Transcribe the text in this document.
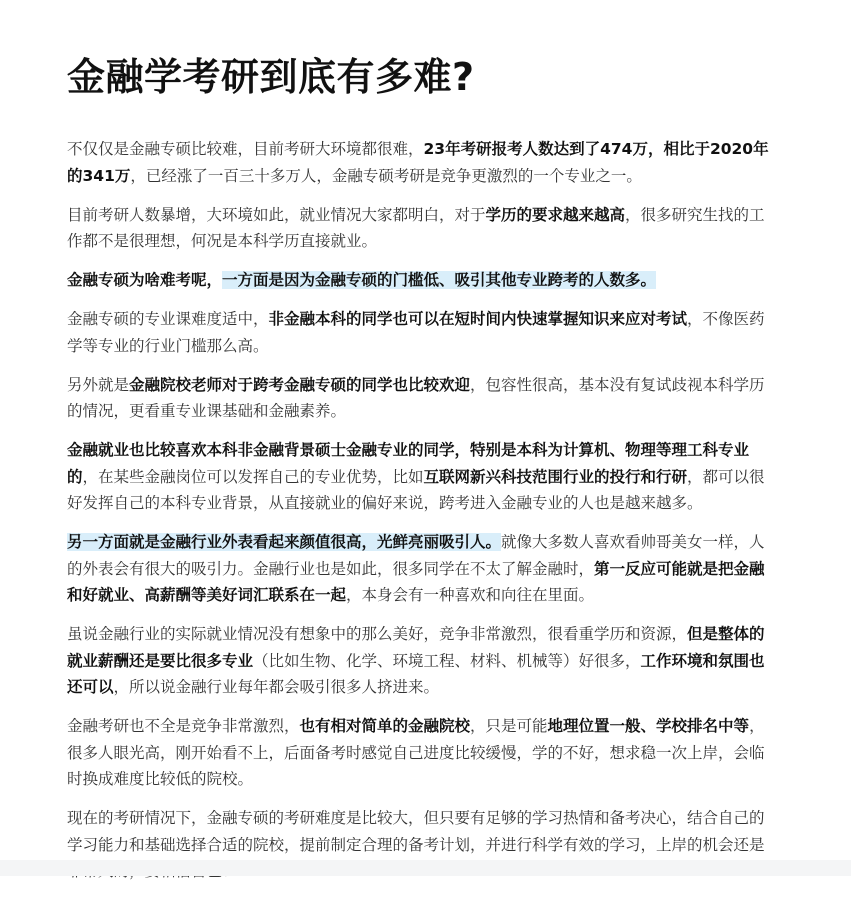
金融学考研到底有多难?

不仅仅是金融专硕比较难，目前考研大环境都很难，23年考研报考人数达到了474万，相比于2020年的341万，已经涨了一百三十多万人，金融专硕考研是竞争更激烈的一个专业之一。

目前考研人数暴增，大环境如此，就业情况大家都明白，对于学历的要求越来越高，很多研究生找的工作都不是很理想，何况是本科学历直接就业。

金融专硕为啥难考呢，一方面是因为金融专硕的门槛低、吸引其他专业跨考的人数多。

金融专硕的专业课难度适中，非金融本科的同学也可以在短时间内快速掌握知识来应对考试，不像医药学等专业的行业门槛那么高。

另外就是金融院校老师对于跨考金融专硕的同学也比较欢迎，包容性很高，基本没有复试歧视本科学历的情况，更看重专业课基础和金融素养。

金融就业也比较喜欢本科非金融背景硕士金融专业的同学，特别是本科为计算机、物理等理工科专业的，在某些金融岗位可以发挥自己的专业优势，比如互联网新兴科技范围行业的投行和行研，都可以很好发挥自己的本科专业背景，从直接就业的偏好来说，跨考进入金融专业的人也是越来越多。

另一方面就是金融行业外表看起来颜值很高，光鲜亮丽吸引人。就像大多数人喜欢看帅哥美女一样，人的外表会有很大的吸引力。金融行业也是如此，很多同学在不太了解金融时，第一反应可能就是把金融和好就业、高薪酬等美好词汇联系在一起，本身会有一种喜欢和向往在里面。

虽说金融行业的实际就业情况没有想象中的那么美好，竞争非常激烈，很看重学历和资源，但是整体的就业薪酬还是要比很多专业（比如生物、化学、环境工程、材料、机械等）好很多，工作环境和氛围也还可以，所以说金融行业每年都会吸引很多人挤进来。

金融考研也不全是竞争非常激烈，也有相对简单的金融院校，只是可能地理位置一般、学校排名中等，很多人眼光高，刚开始看不上，后面备考时感觉自己进度比较缓慢，学的不好，想求稳一次上岸，会临时换成难度比较低的院校。

现在的考研情况下，金融专硕的考研难度是比较大，但只要有足够的学习热情和备考决心，结合自己的学习能力和基础选择合适的院校，提前制定合理的备考计划，并进行科学有效的学习，上岸的机会还是
